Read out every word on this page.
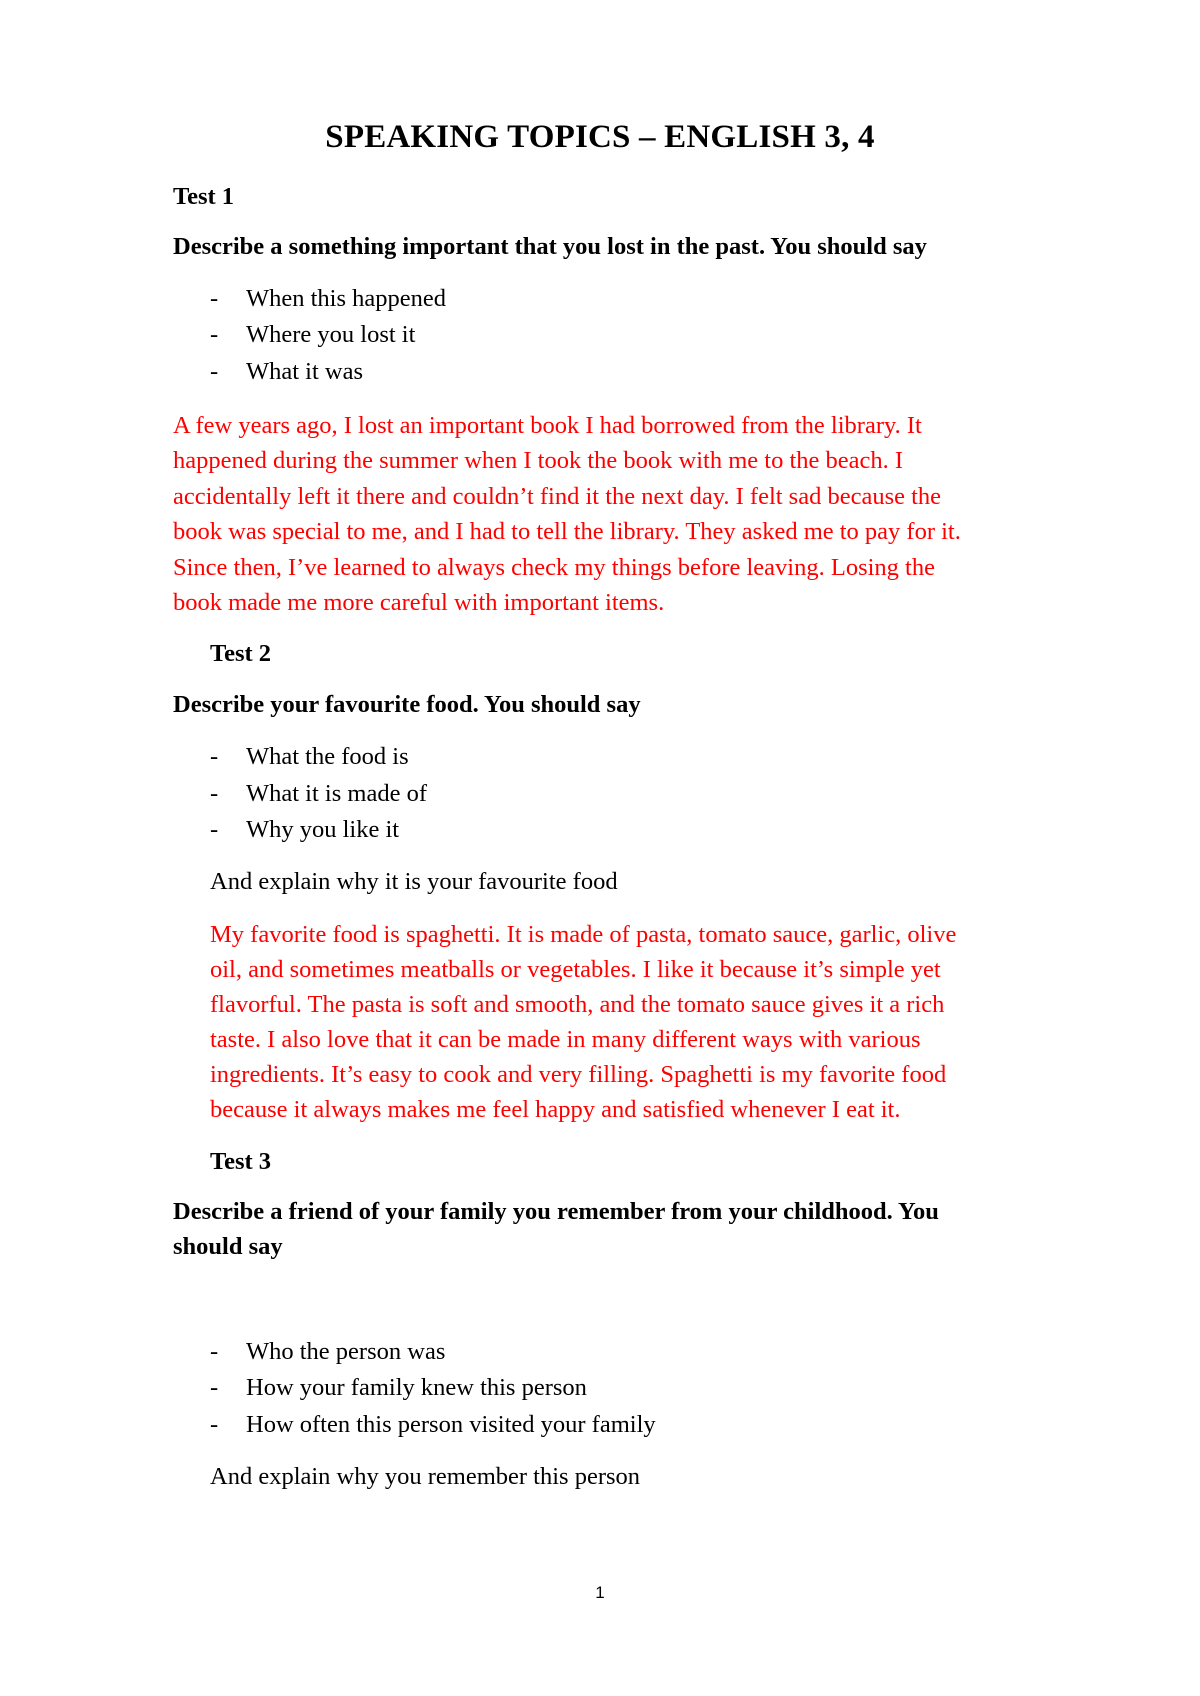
SPEAKING TOPICS – ENGLISH 3, 4
Test 1
Describe a something important that you lost in the past. You should say
- When this happened
- Where you lost it
- What it was
A few years ago, I lost an important book I had borrowed from the library. It
happened during the summer when I took the book with me to the beach. I
accidentally left it there and couldn’t find it the next day. I felt sad because the
book was special to me, and I had to tell the library. They asked me to pay for it.
Since then, I’ve learned to always check my things before leaving. Losing the
book made me more careful with important items.
Test 2
Describe your favourite food. You should say
- What the food is
- What it is made of
- Why you like it
And explain why it is your favourite food
My favorite food is spaghetti. It is made of pasta, tomato sauce, garlic, olive
oil, and sometimes meatballs or vegetables. I like it because it’s simple yet
flavorful. The pasta is soft and smooth, and the tomato sauce gives it a rich
taste. I also love that it can be made in many different ways with various
ingredients. It’s easy to cook and very filling. Spaghetti is my favorite food
because it always makes me feel happy and satisfied whenever I eat it.
Test 3
Describe a friend of your family you remember from your childhood. You
should say
- Who the person was
- How your family knew this person
- How often this person visited your family
And explain why you remember this person
1
